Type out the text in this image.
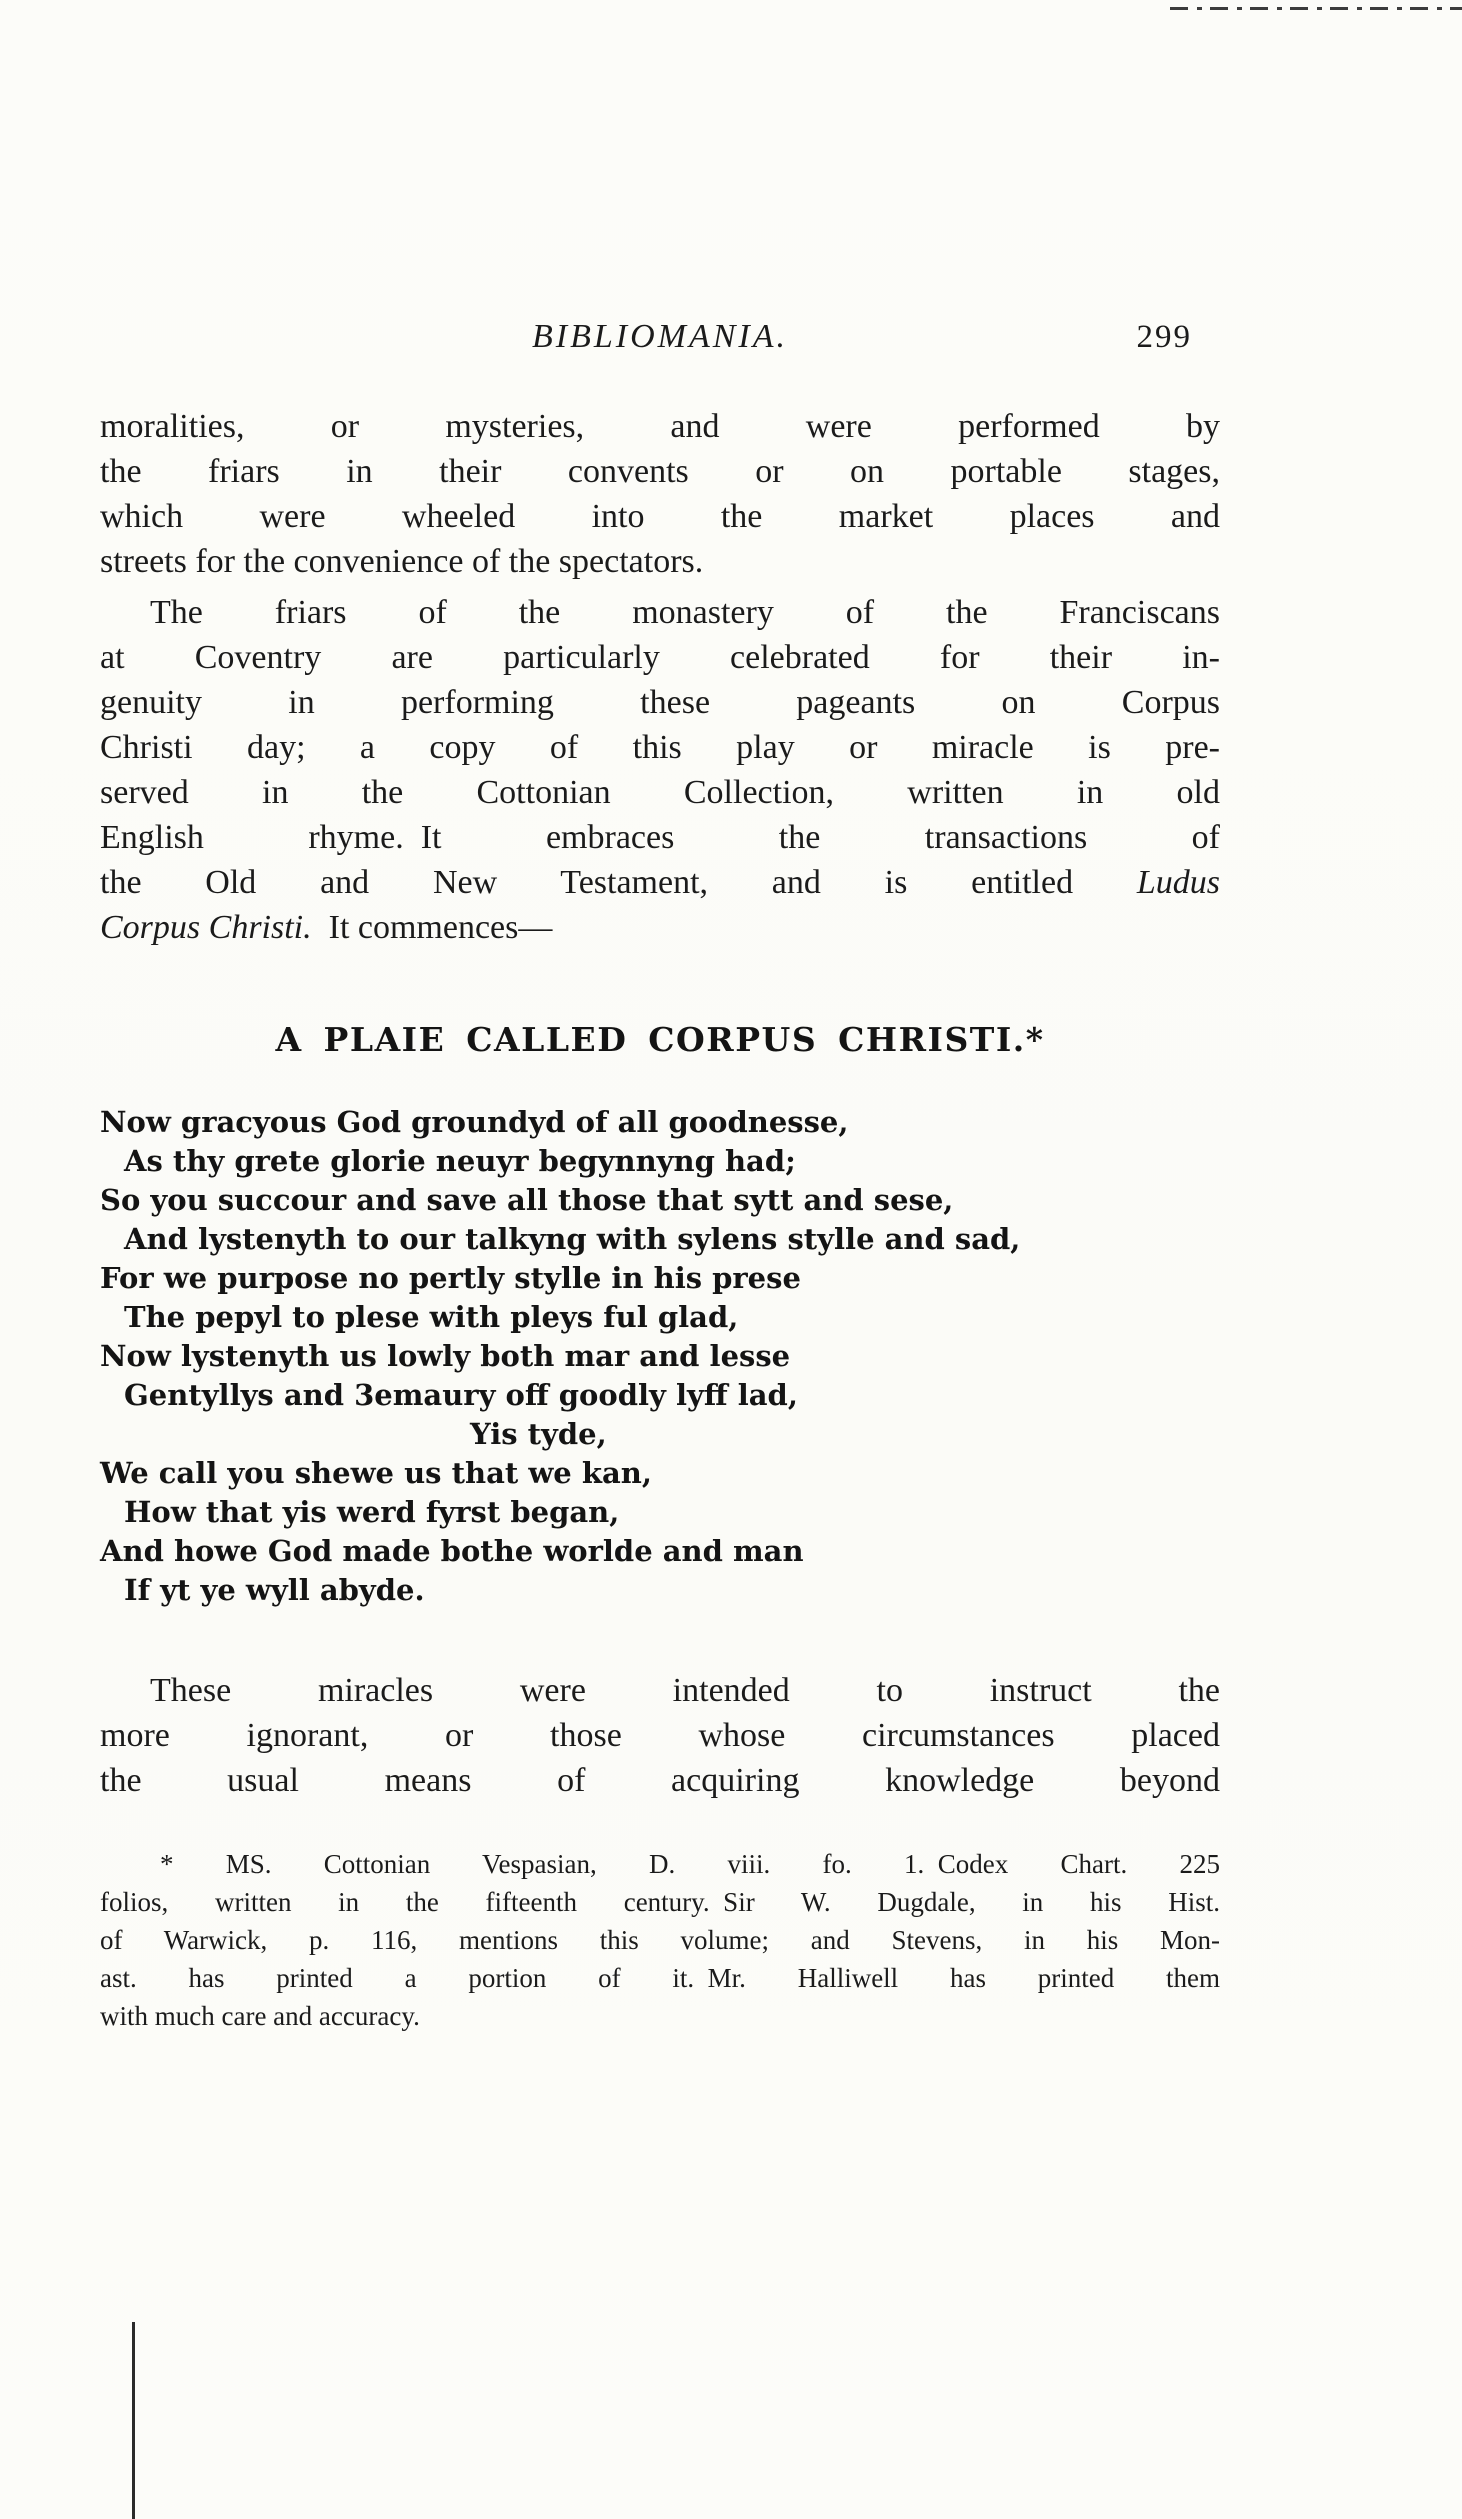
BIBLIOMANIA.	299
moralities, or mysteries, and were performed by
the friars in their convents or on portable stages,
which were wheeled into the market places and
streets for the convenience of the spectators.
The friars of the monastery of the Franciscans
at Coventry are particularly celebrated for their in-
genuity in performing these pageants on Corpus
Christi day; a copy of this play or miracle is pre-
served in the Cottonian Collection, written in old
English rhyme. It embraces the transactions of
the Old and New Testament, and is entitled Ludus
Corpus Christi. It commences—
A PLAIE CALLED CORPUS CHRISTI.*
Now gracyous God groundyd of all goodnesse,
As thy grete glorie neuyr begynnyng had;
So you succour and save all those that sytt and sese,
And lystenyth to our talkyng with sylens stylle and sad,
For we purpose no pertly stylle in his prese
The pepyl to plese with pleys ful glad,
Now lystenyth us lowly both mar and lesse
Gentyllys and 3emaury off goodly lyff lad,
Yis tyde,
We call you shewe us that we kan,
How that yis werd fyrst began,
And howe God made bothe worlde and man
If yt ye wyll abyde.
These miracles were intended to instruct the
more ignorant, or those whose circumstances placed
the usual means of acquiring knowledge beyond
* MS. Cottonian Vespasian, D. viii. fo. 1. Codex Chart. 225
folios, written in the fifteenth century. Sir W. Dugdale, in his Hist.
of Warwick, p. 116, mentions this volume; and Stevens, in his Mon-
ast. has printed a portion of it. Mr. Halliwell has printed them
with much care and accuracy.
